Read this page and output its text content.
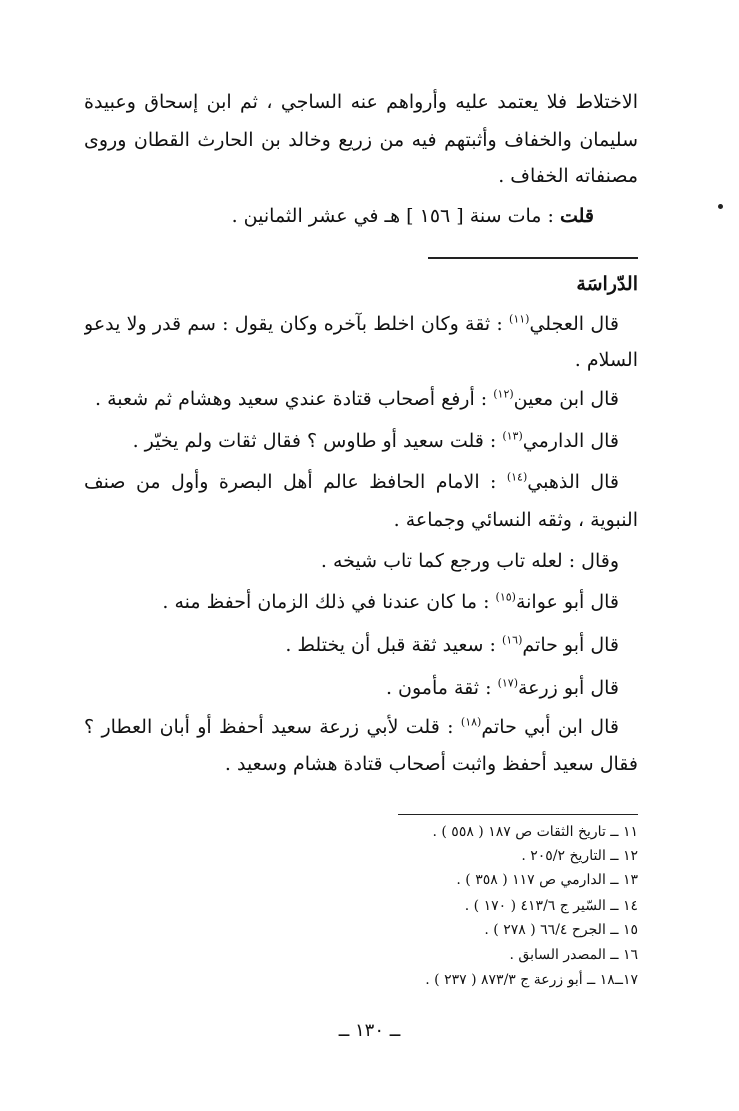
الاختلاط فلا يعتمد عليه وأرواهم عنه الساجي ، ثم ابن إسحاق وعبيدة
سليمان والخفاف وأثبتهم فيه من زريع وخالد بن الحارث القطان وروى
مصنفاته الخفاف .
قلت : مات سنة [ ١٥٦ ] هـ في عشر الثمانين .
الدّراسَة
قال العجلي$^{(١١)}$ : ثقة وكان اخلط بآخره وكان يقول : سم قدر ولا يدعو
السلام .
قال ابن معين$^{(١٢)}$ : أرفع أصحاب قتادة عندي سعيد وهشام ثم شعبة .
قال الدارمي$^{(١٣)}$ : قلت سعيد أو طاوس ؟ فقال ثقات ولم يخيّر .
قال الذهبي$^{(١٤)}$ : الامام الحافظ عالم أهل البصرة وأول من صنف
النبوية ، وثقه النسائي وجماعة .
وقال : لعله تاب ورجع كما تاب شيخه .
قال أبو عوانة$^{(١٥)}$ : ما كان عندنا في ذلك الزمان أحفظ منه .
قال أبو حاتم$^{(١٦)}$ : سعيد ثقة قبل أن يختلط .
قال أبو زرعة$^{(١٧)}$ : ثقة مأمون .
قال ابن أبي حاتم$^{(١٨)}$ : قلت لأبي زرعة سعيد أحفظ أو أبان العطار ؟
فقال سعيد أحفظ واثبت أصحاب قتادة هشام وسعيد .
١١ ــ تاريخ الثقات ص ١٨٧ ( ٥٥٨ ) .
١٢ ــ التاريخ ٢٠٥/٢ .
١٣ ــ الدارمي ص ١١٧ ( ٣٥٨ ) .
١٤ ــ السّير ج ٤١٣/٦ ( ١٧٠ ) .
١٥ ــ الجرح ٦٦/٤ ( ٢٧٨ ) .
١٦ ــ المصدر السابق .
١٧ــ١٨ ــ أبو زرعة ج ٨٧٣/٣ ( ٢٣٧ ) .
ــ ١٣٠ ــ
